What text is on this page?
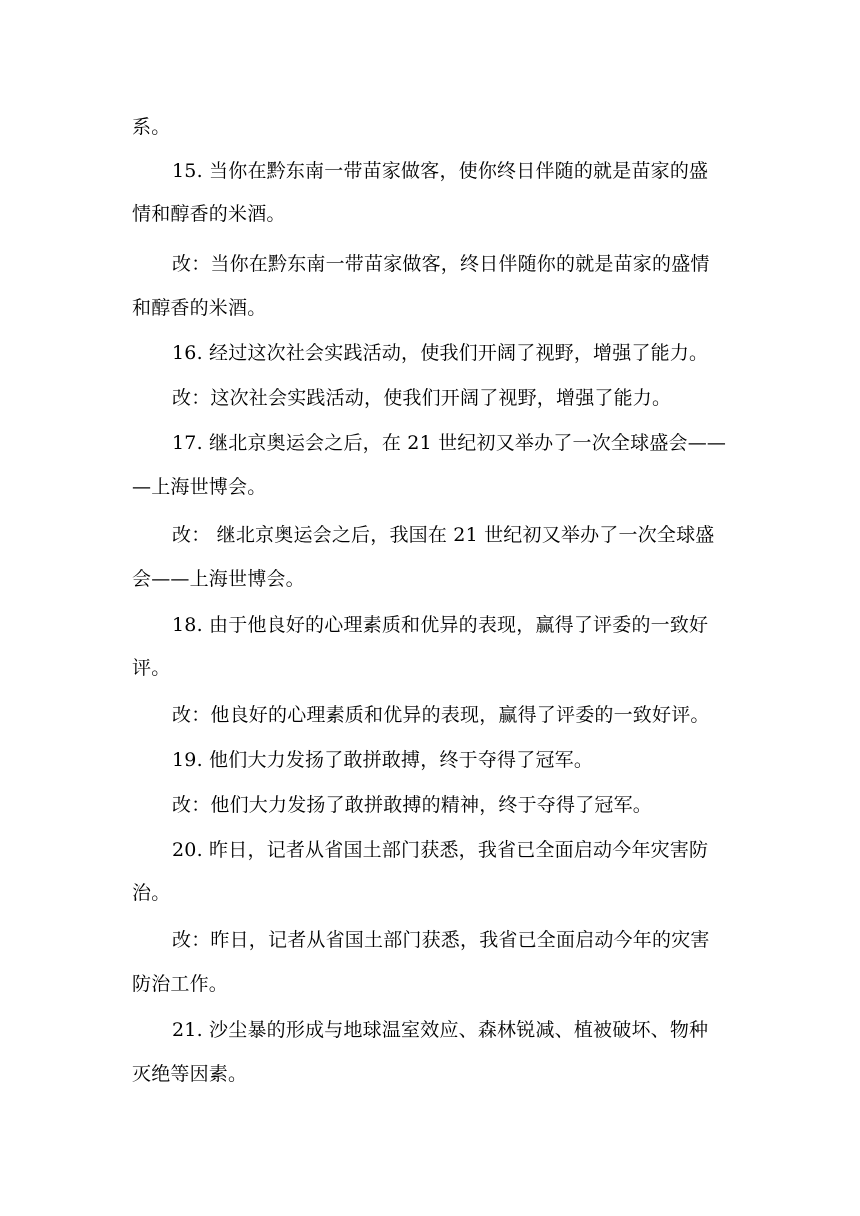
系。
15. 当你在黔东南一带苗家做客，使你终日伴随的就是苗家的盛
情和醇香的米酒。
改：当你在黔东南一带苗家做客，终日伴随你的就是苗家的盛情
和醇香的米酒。
16. 经过这次社会实践活动，使我们开阔了视野，增强了能力。
改：这次社会实践活动，使我们开阔了视野，增强了能力。
17. 继北京奥运会之后，在 21 世纪初又举办了一次全球盛会——
—上海世博会。
改： 继北京奥运会之后，我国在 21 世纪初又举办了一次全球盛
会——上海世博会。
18. 由于他良好的心理素质和优异的表现，赢得了评委的一致好
评。
改：他良好的心理素质和优异的表现，赢得了评委的一致好评。
19. 他们大力发扬了敢拼敢搏，终于夺得了冠军。
改：他们大力发扬了敢拼敢搏的精神，终于夺得了冠军。
20. 昨日，记者从省国土部门获悉，我省已全面启动今年灾害防
治。
改：昨日，记者从省国土部门获悉，我省已全面启动今年的灾害
防治工作。
21. 沙尘暴的形成与地球温室效应、森林锐减、植被破坏、物种
灭绝等因素。
